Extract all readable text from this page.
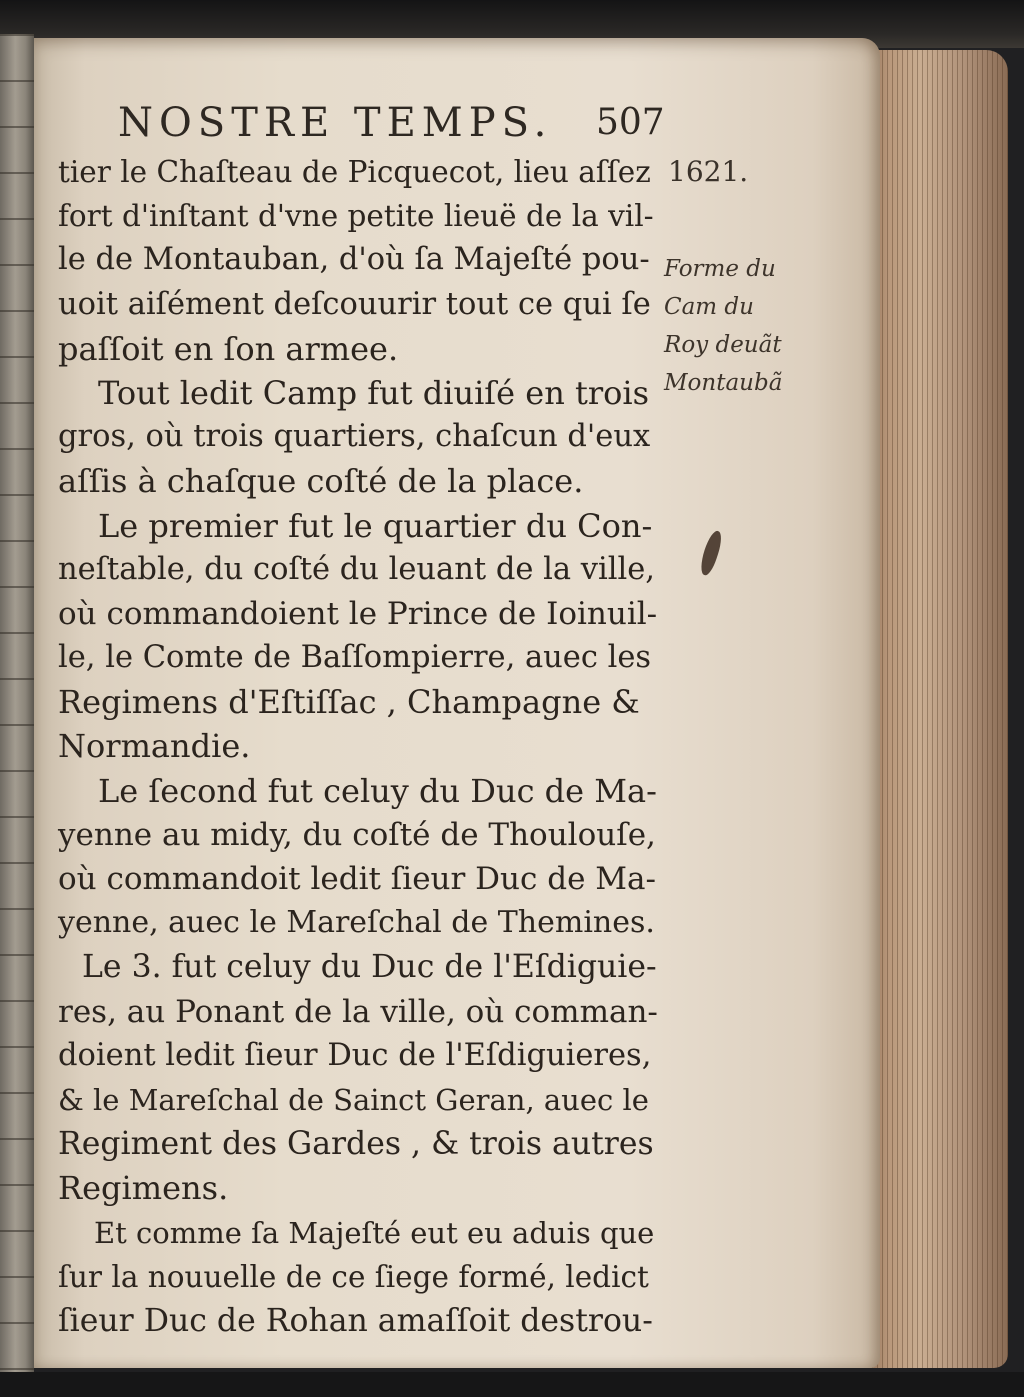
NOSTRE TEMPS. 507
tier le Chaſteau de Picquecot, lieu aſſez
fort d'inſtant d'vne petite lieuë de la vil-
le de Montauban, d'où ſa Majeſté pou-
uoit aiſément deſcouurir tout ce qui ſe
paſſoit en ſon armee.
Tout ledit Camp fut diuiſé en trois
gros, où trois quartiers, chaſcun d'eux
aſſis à chaſque coſté de la place.
Le premier fut le quartier du Con-
neſtable, du coſté du leuant de la ville,
où commandoient le Prince de Ioinuil-
le, le Comte de Baſſompierre, auec les
Regimens d'Eſtiſſac , Champagne &
Normandie.
Le ſecond fut celuy du Duc de Ma-
yenne au midy, du coſté de Thoulouſe,
où commandoit ledit ſieur Duc de Ma-
yenne, auec le Mareſchal de Themines.
Le 3. fut celuy du Duc de l'Eſdiguie-
res, au Ponant de la ville, où comman-
doient ledit ſieur Duc de l'Eſdiguieres,
& le Mareſchal de Sainct Geran, auec le
Regiment des Gardes , & trois autres
Regimens.
Et comme ſa Majeſté eut eu aduis que
ſur la nouuelle de ce ſiege formé, ledict
ſieur Duc de Rohan amaſſoit destrou-
1621.
Forme du
Cam du
Roy deuãt
Montaubã
